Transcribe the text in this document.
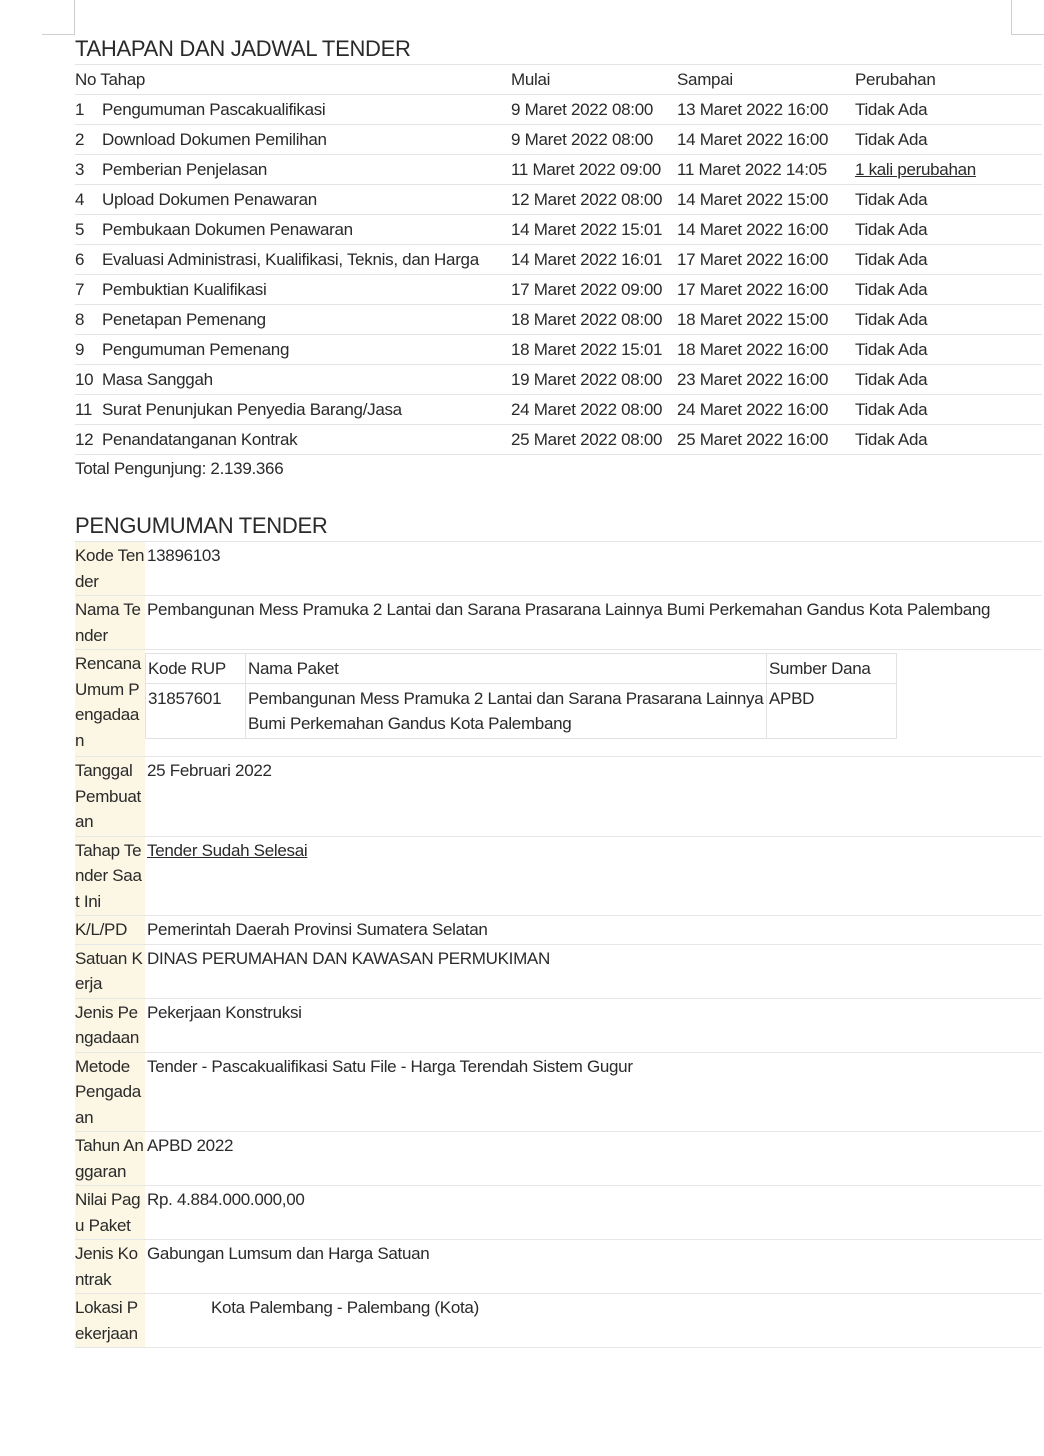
TAHAPAN DAN JADWAL TENDER
No Tahap		Mulai	Sampai	Perubahan
1	Pengumuman Pascakualifikasi	9 Maret 2022 08:00	13 Maret 2022 16:00	Tidak Ada
2	Download Dokumen Pemilihan	9 Maret 2022 08:00	14 Maret 2022 16:00	Tidak Ada
3	Pemberian Penjelasan	11 Maret 2022 09:00	11 Maret 2022 14:05	1 kali perubahan
4	Upload Dokumen Penawaran	12 Maret 2022 08:00	14 Maret 2022 15:00	Tidak Ada
5	Pembukaan Dokumen Penawaran	14 Maret 2022 15:01	14 Maret 2022 16:00	Tidak Ada
6	Evaluasi Administrasi, Kualifikasi, Teknis, dan Harga	14 Maret 2022 16:01	17 Maret 2022 16:00	Tidak Ada
7	Pembuktian Kualifikasi	17 Maret 2022 09:00	17 Maret 2022 16:00	Tidak Ada
8	Penetapan Pemenang	18 Maret 2022 08:00	18 Maret 2022 15:00	Tidak Ada
9	Pengumuman Pemenang	18 Maret 2022 15:01	18 Maret 2022 16:00	Tidak Ada
10	Masa Sanggah	19 Maret 2022 08:00	23 Maret 2022 16:00	Tidak Ada
11	Surat Penunjukan Penyedia Barang/Jasa	24 Maret 2022 08:00	24 Maret 2022 16:00	Tidak Ada
12	Penandatanganan Kontrak	25 Maret 2022 08:00	25 Maret 2022 16:00	Tidak Ada
Total Pengunjung: 2.139.366
PENGUMUMAN TENDER
Kode Tender	13896103
Nama Tender	Pembangunan Mess Pramuka 2 Lantai dan Sarana Prasarana Lainnya Bumi Perkemahan Gandus Kota Palembang
Rencana Umum Pengadaan	
Kode RUP	Nama Paket	Sumber Dana
31857601	Pembangunan Mess Pramuka 2 Lantai dan Sarana Prasarana Lainnya Bumi Perkemahan Gandus Kota Palembang	APBD

Tanggal Pembuatan	25 Februari 2022
Tahap Tender Saat Ini	Tender Sudah Selesai
K/L/PD	Pemerintah Daerah Provinsi Sumatera Selatan
Satuan Kerja	DINAS PERUMAHAN DAN KAWASAN PERMUKIMAN
Jenis Pengadaan	Pekerjaan Konstruksi
Metode Pengadaan	Tender - Pascakualifikasi Satu File - Harga Terendah Sistem Gugur
Tahun Anggaran	APBD 2022
Nilai Pagu Paket	Rp. 4.884.000.000,00
Jenis Kontrak	Gabungan Lumsum dan Harga Satuan
Lokasi Pekerjaan	Kota Palembang - Palembang (Kota)
